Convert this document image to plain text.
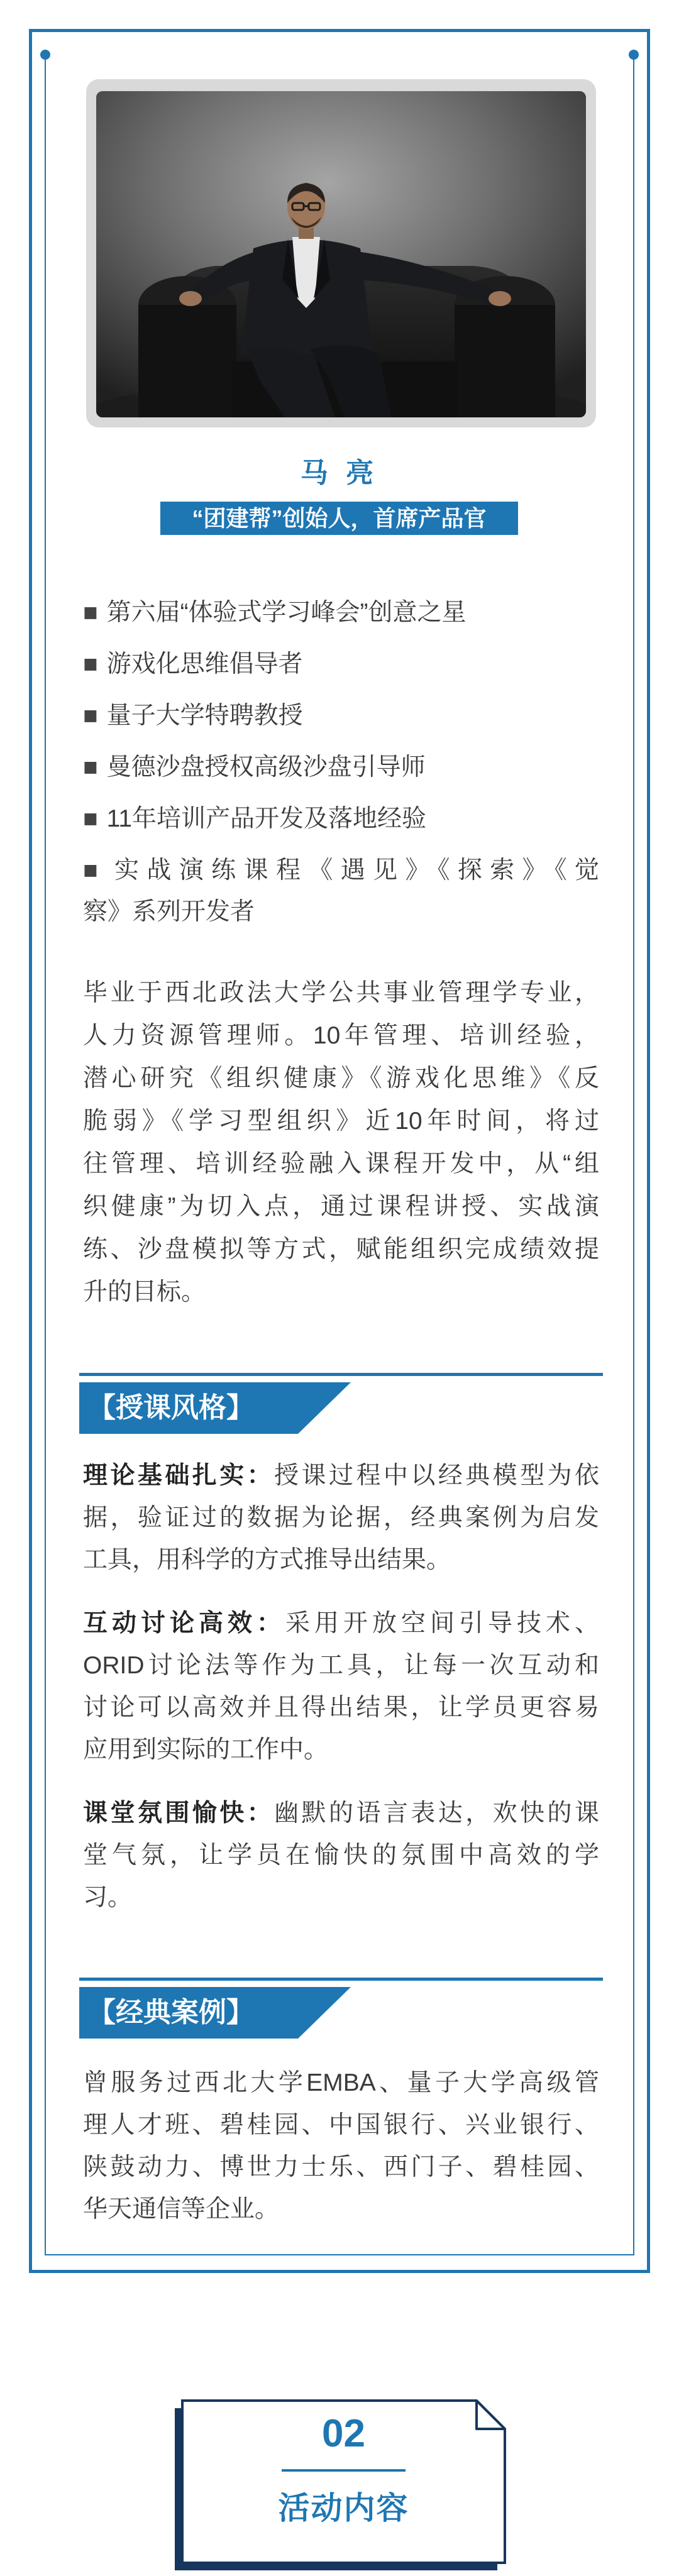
马 亮
“团建帮”创始人，首席产品官
■ 第六届“体验式学习峰会”创意之星
■ 游戏化思维倡导者
■ 量子大学特聘教授
■ 曼德沙盘授权高级沙盘引导师
■ 11年培训产品开发及落地经验
■ 实战演练课程《遇见》《探索》《觉
察》系列开发者
毕业于西北政法大学公共事业管理学专业，
人力资源管理师。10年管理、培训经验，
潜心研究《组织健康》《游戏化思维》《反
脆弱》《学习型组织》近10年时间，将过
往管理、培训经验融入课程开发中，从“组
织健康”为切入点，通过课程讲授、实战演
练、沙盘模拟等方式，赋能组织完成绩效提
升的目标。
【授课风格】
理论基础扎实：授课过程中以经典模型为依
据，验证过的数据为论据，经典案例为启发
工具，用科学的方式推导出结果。
互动讨论高效：采用开放空间引导技术、
ORID讨论法等作为工具，让每一次互动和
讨论可以高效并且得出结果，让学员更容易
应用到实际的工作中。
课堂氛围愉快：幽默的语言表达，欢快的课
堂气氛，让学员在愉快的氛围中高效的学
习。
【经典案例】
曾服务过西北大学EMBA、量子大学高级管
理人才班、碧桂园、中国银行、兴业银行、
陕鼓动力、博世力士乐、西门子、碧桂园、
华天通信等企业。
02
活动内容
